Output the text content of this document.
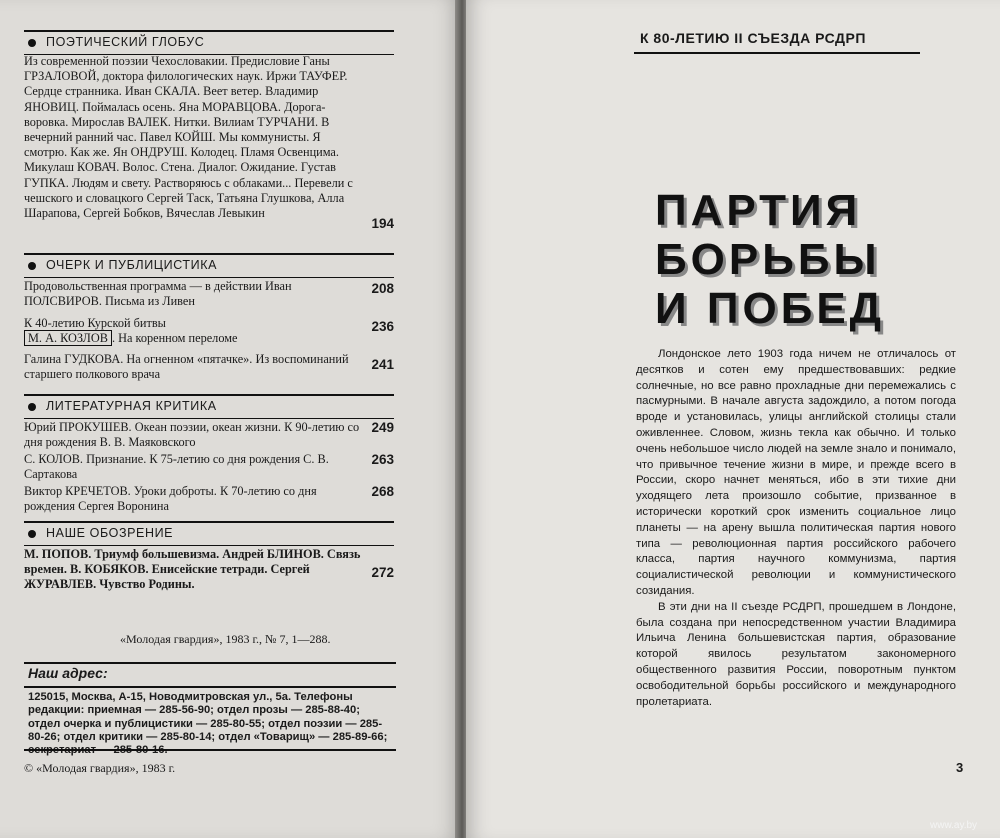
ПОЭТИЧЕСКИЙ ГЛОБУС
Из современной поэзии Чехословакии. Предисловие Ганы ГРЗАЛОВОЙ, доктора филологических наук. Иржи ТАУФЕР. Сердце странника. Иван СКАЛА. Веет ветер. Владимир ЯНОВИЦ. Поймалась осень. Яна МОРАВЦОВА. Дорога-воровка. Мирослав ВАЛЕК. Нитки. Вилиам ТУРЧАНИ. В вечерний ранний час. Павел КОЙШ. Мы коммунисты. Я смотрю. Как же. Ян ОНДРУШ. Колодец. Пламя Освенцима. Микулаш КОВАЧ. Волос. Стена. Диалог. Ожидание. Густав ГУПКА. Людям и свету. Растворяюсь с облаками... Перевели с чешского и словацкого Сергей Таск, Татьяна Глушкова, Алла Шарапова, Сергей Бобков, Вячеслав Левыкин
194
ОЧЕРК И ПУБЛИЦИСТИКА
Продовольственная программа — в действии Иван ПОЛСВИРОВ. Письма из Ливен
208
К 40-летию Курской битвы
М. А. КОЗЛОВ . На коренном переломе
236
Галина ГУДКОВА. На огненном «пятачке». Из воспоминаний старшего полкового врача
241
ЛИТЕРАТУРНАЯ КРИТИКА
Юрий ПРОКУШЕВ. Океан поэзии, океан жизни. К 90-летию со дня рождения В. В. Маяковского
249
С. КОЛОВ. Признание. К 75-летию со дня рождения С. В. Сартакова
263
Виктор КРЕЧЕТОВ. Уроки доброты. К 70-летию со дня рождения Сергея Воронина
268
НАШЕ ОБОЗРЕНИЕ
М. ПОПОВ. Триумф большевизма. Андрей БЛИНОВ. Связь времен. В. КОБЯКОВ. Енисейские тетради. Сергей ЖУРАВЛЕВ. Чувство Родины.
272
«Молодая гвардия», 1983 г., № 7, 1—288.
Наш адрес:
125015, Москва, А-15, Новодмитровская ул., 5а. Телефоны редакции: приемная — 285-56-90; отдел прозы — 285-88-40; отдел очерка и публицистики — 285-80-55; отдел поэзии — 285-80-26; отдел критики — 285-80-14; отдел «Товарищ» — 285-89-66;
© «Молодая гвардия», 1983 г.
К 80-ЛЕТИЮ II СЪЕЗДА РСДРП
ПАРТИЯ
БОРЬБЫ
И ПОБЕД

Лондонское лето 1903 года ничем не отличалось от десятков и сотен ему предшествовавших: редкие солнечные, но все равно прохладные дни перемежались с пасмурными. В начале августа задождило, а потом погода вроде и установилась, улицы английской столицы стали оживленнее. Словом, жизнь текла как обычно. И только очень небольшое число людей на земле знало и понимало, что привычное течение жизни в мире, и прежде всего в России, скоро начнет меняться, ибо в эти тихие дни уходящего лета произошло событие, призванное в исторически короткий срок изменить социальное лицо планеты — на арену вышла политическая партия нового типа — революционная партия российского рабочего класса, партия научного коммунизма, партия социалистической революции и коммунистического созидания.

В эти дни на II съезде РСДРП, прошедшем в Лондоне, была создана при непосредственном участии Владимира Ильича Ленина большевистская партия, образование которой явилось результатом закономерного общественного развития России, поворотным пунктом освободительной борьбы российского и международного пролетариата.

3
www.ay.by
